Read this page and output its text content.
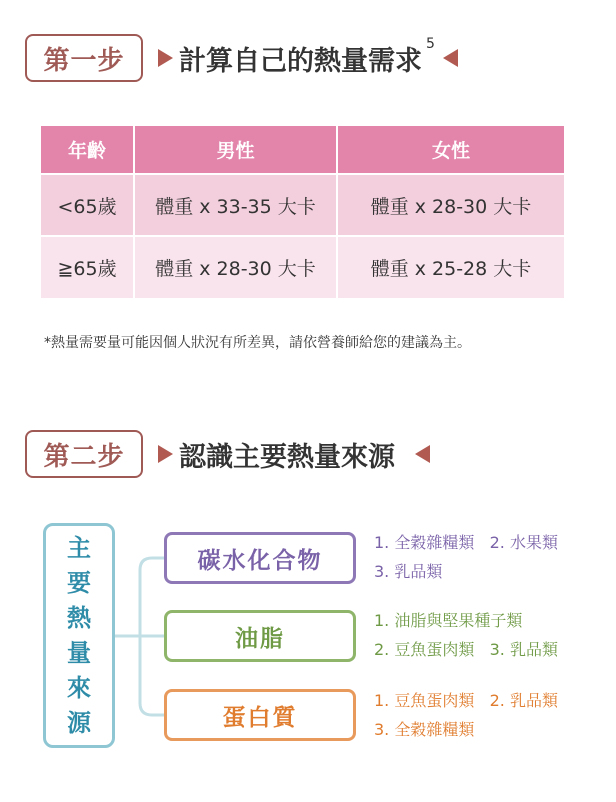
第一步	計算自己的熱量需求
5
年齡	男性	女性
<65歲	體重 x 33-35 大卡	體重 x 28-30 大卡
≧65歲	體重 x 28-30 大卡	體重 x 25-28 大卡
*熱量需要量可能因個人狀況有所差異，請依營養師給您的建議為主。
第二步	認識主要熱量來源
主
要
熱
量
來
源
碳水化合物
1. 全穀雜糧類   2. 水果類
3. 乳品類
油脂
1. 油脂與堅果種子類
2. 豆魚蛋肉類   3. 乳品類
蛋白質
1. 豆魚蛋肉類   2. 乳品類
3. 全穀雜糧類
